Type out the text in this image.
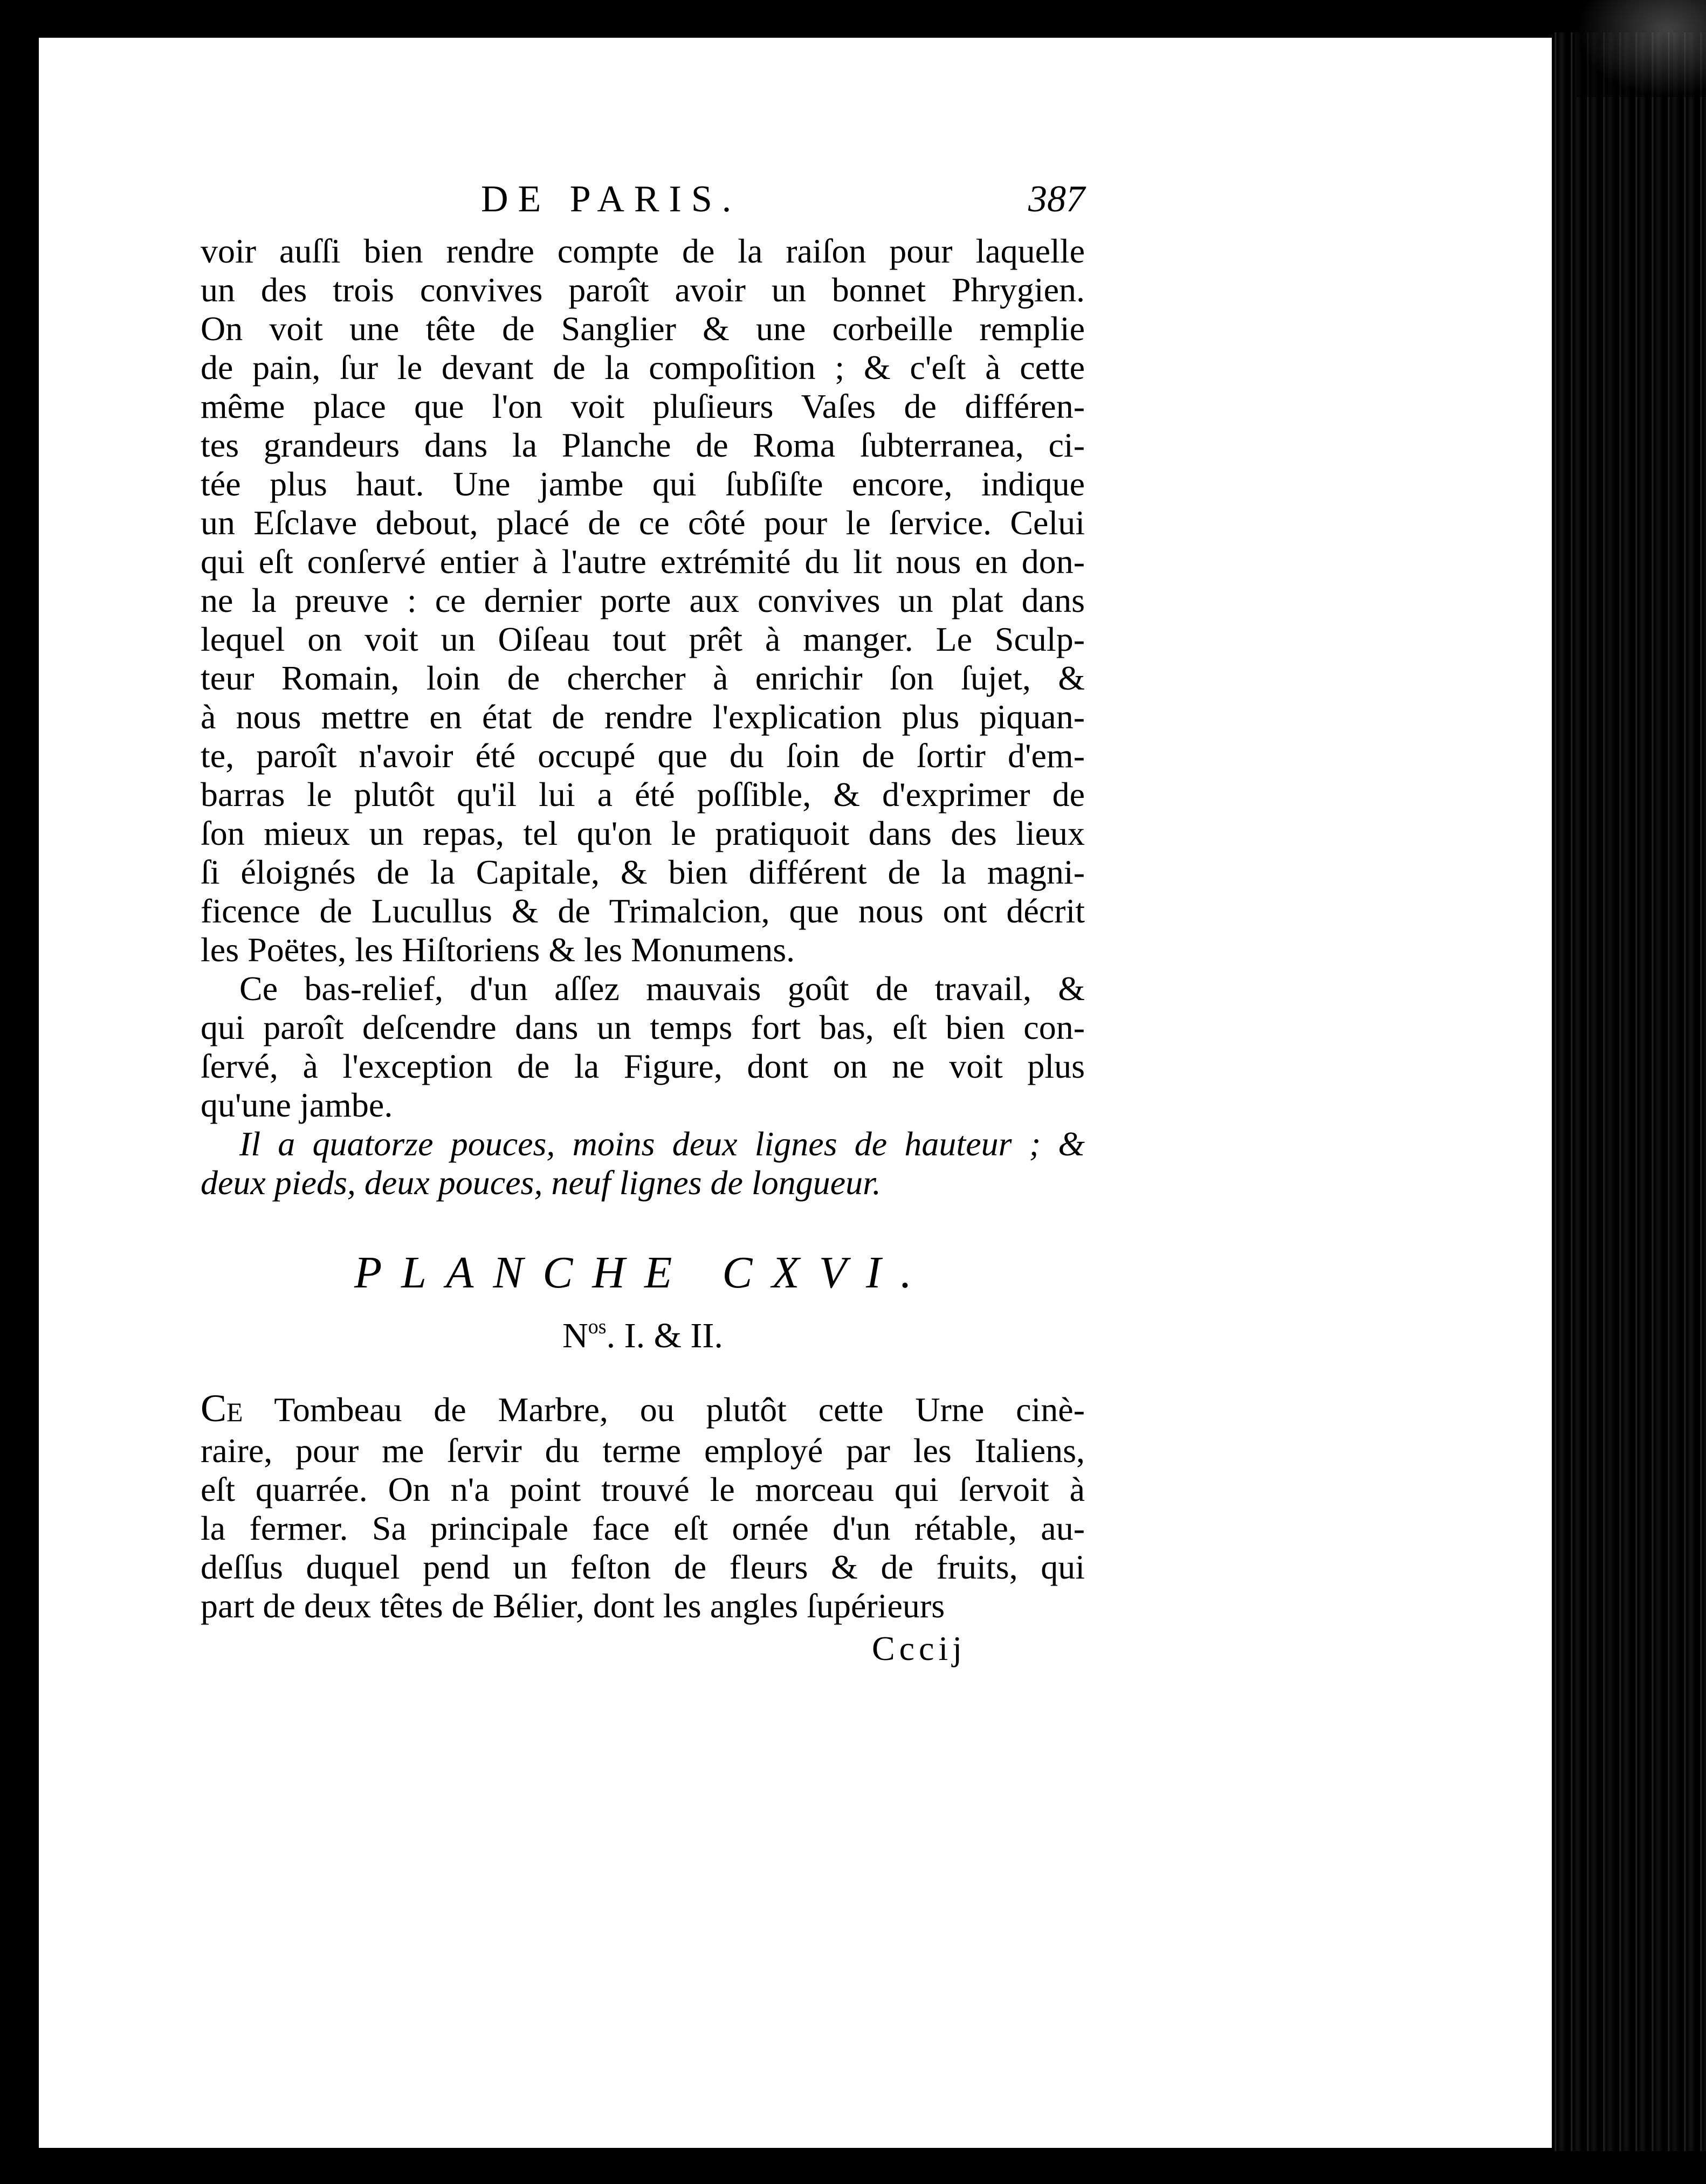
DE PARIS.	387

voir auſſi bien rendre compte de la raiſon pour laquelle
un des trois convives paroît avoir un bonnet Phrygien.
On voit une tête de Sanglier & une corbeille remplie
de pain, ſur le devant de la compoſition ; & c'eſt à cette
même place que l'on voit pluſieurs Vaſes de différen-
tes grandeurs dans la Planche de Roma ſubterranea, ci-
tée plus haut. Une jambe qui ſubſiſte encore, indique
un Eſclave debout, placé de ce côté pour le ſervice. Celui
qui eſt conſervé entier à l'autre extrémité du lit nous en don-
ne la preuve : ce dernier porte aux convives un plat dans
lequel on voit un Oiſeau tout prêt à manger. Le Sculp-
teur Romain, loin de chercher à enrichir ſon ſujet, &
à nous mettre en état de rendre l'explication plus piquan-
te, paroît n'avoir été occupé que du ſoin de ſortir d'em-
barras le plutôt qu'il lui a été poſſible, & d'exprimer de
ſon mieux un repas, tel qu'on le pratiquoit dans des lieux
ſi éloignés de la Capitale, & bien différent de la magni-
ficence de Lucullus & de Trimalcion, que nous ont décrit
les Poëtes, les Hiſtoriens & les Monumens.

Ce bas-relief, d'un aſſez mauvais goût de travail, &
qui paroît deſcendre dans un temps fort bas, eſt bien con-
ſervé, à l'exception de la Figure, dont on ne voit plus
qu'une jambe.

Il a quatorze pouces, moins deux lignes de hauteur ; &
deux pieds, deux pouces, neuf lignes de longueur.

PLANCHE CXVI.
$N^{os}$. I. & II.

CE Tombeau de Marbre, ou plutôt cette Urne cinè-
raire, pour me ſervir du terme employé par les Italiens,
eſt quarrée. On n'a point trouvé le morceau qui ſervoit à
la fermer. Sa principale face eſt ornée d'un rétable, au-
deſſus duquel pend un feſton de fleurs & de fruits, qui
part de deux têtes de Bélier, dont les angles ſupérieurs

Cccij
